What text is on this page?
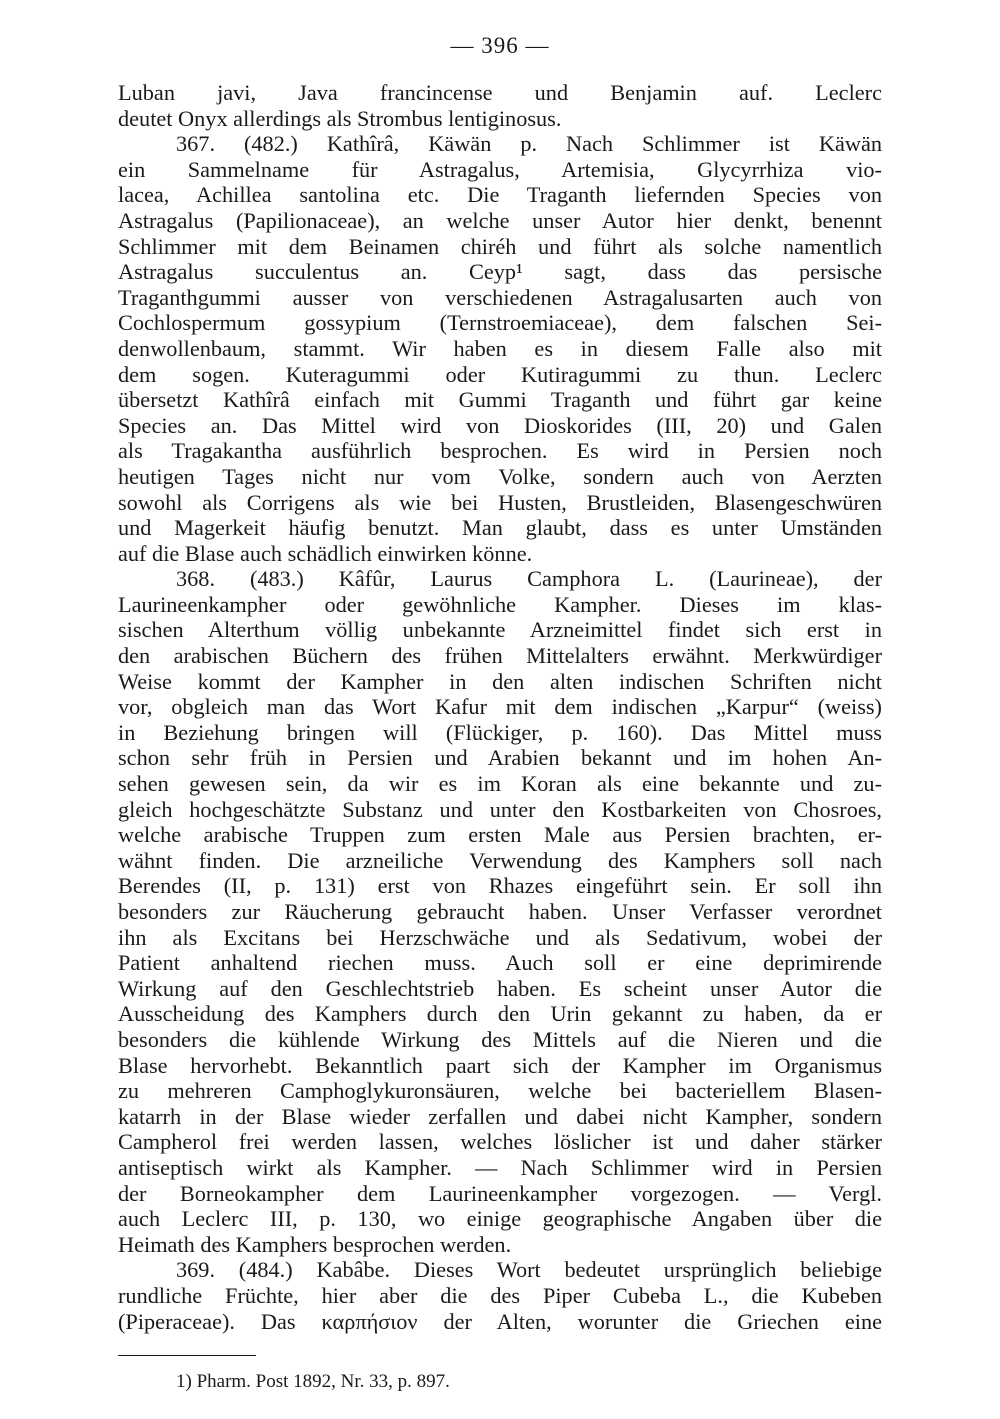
— 396 —
Luban javi, Java francincense und Benjamin auf. Leclerc
deutet Onyx allerdings als Strombus lentiginosus.
367. (482.) Kathîrâ, Käwän p. Nach Schlimmer ist Käwän
ein Sammelname für Astragalus, Artemisia, Glycyrrhiza vio-
lacea, Achillea santolina etc. Die Traganth liefernden Species von
Astragalus (Papilionaceae), an welche unser Autor hier denkt, benennt
Schlimmer mit dem Beinamen chiréh und führt als solche namentlich
Astragalus succulentus an. Ceyp¹ sagt, dass das persische
Traganthgummi ausser von verschiedenen Astragalusarten auch von
Cochlospermum gossypium (Ternstroemiaceae), dem falschen Sei-
denwollenbaum, stammt. Wir haben es in diesem Falle also mit
dem sogen. Kuteragummi oder Kutiragummi zu thun. Leclerc
übersetzt Kathîrâ einfach mit Gummi Traganth und führt gar keine
Species an. Das Mittel wird von Dioskorides (III, 20) und Galen
als Tragakantha ausführlich besprochen. Es wird in Persien noch
heutigen Tages nicht nur vom Volke, sondern auch von Aerzten
sowohl als Corrigens als wie bei Husten, Brustleiden, Blasengeschwüren
und Magerkeit häufig benutzt. Man glaubt, dass es unter Umständen
auf die Blase auch schädlich einwirken könne.
368. (483.) Kâfûr, Laurus Camphora L. (Laurineae), der
Laurineenkampher oder gewöhnliche Kampher. Dieses im klas-
sischen Alterthum völlig unbekannte Arzneimittel findet sich erst in
den arabischen Büchern des frühen Mittelalters erwähnt. Merkwürdiger
Weise kommt der Kampher in den alten indischen Schriften nicht
vor, obgleich man das Wort Kafur mit dem indischen „Karpur“ (weiss)
in Beziehung bringen will (Flückiger, p. 160). Das Mittel muss
schon sehr früh in Persien und Arabien bekannt und im hohen An-
sehen gewesen sein, da wir es im Koran als eine bekannte und zu-
gleich hochgeschätzte Substanz und unter den Kostbarkeiten von Chosroes,
welche arabische Truppen zum ersten Male aus Persien brachten, er-
wähnt finden. Die arzneiliche Verwendung des Kamphers soll nach
Berendes (II, p. 131) erst von Rhazes eingeführt sein. Er soll ihn
besonders zur Räucherung gebraucht haben. Unser Verfasser verordnet
ihn als Excitans bei Herzschwäche und als Sedativum, wobei der
Patient anhaltend riechen muss. Auch soll er eine deprimirende
Wirkung auf den Geschlechtstrieb haben. Es scheint unser Autor die
Ausscheidung des Kamphers durch den Urin gekannt zu haben, da er
besonders die kühlende Wirkung des Mittels auf die Nieren und die
Blase hervorhebt. Bekanntlich paart sich der Kampher im Organismus
zu mehreren Camphoglykuronsäuren, welche bei bacteriellem Blasen-
katarrh in der Blase wieder zerfallen und dabei nicht Kampher, sondern
Campherol frei werden lassen, welches löslicher ist und daher stärker
antiseptisch wirkt als Kampher. — Nach Schlimmer wird in Persien
der Borneokampher dem Laurineenkampher vorgezogen. — Vergl.
auch Leclerc III, p. 130, wo einige geographische Angaben über die
Heimath des Kamphers besprochen werden.
369. (484.) Kabâbe. Dieses Wort bedeutet ursprünglich beliebige
rundliche Früchte, hier aber die des Piper Cubeba L., die Kubeben
(Piperaceae). Das καρπήσιον der Alten, worunter die Griechen eine
1) Pharm. Post 1892, Nr. 33, p. 897.
